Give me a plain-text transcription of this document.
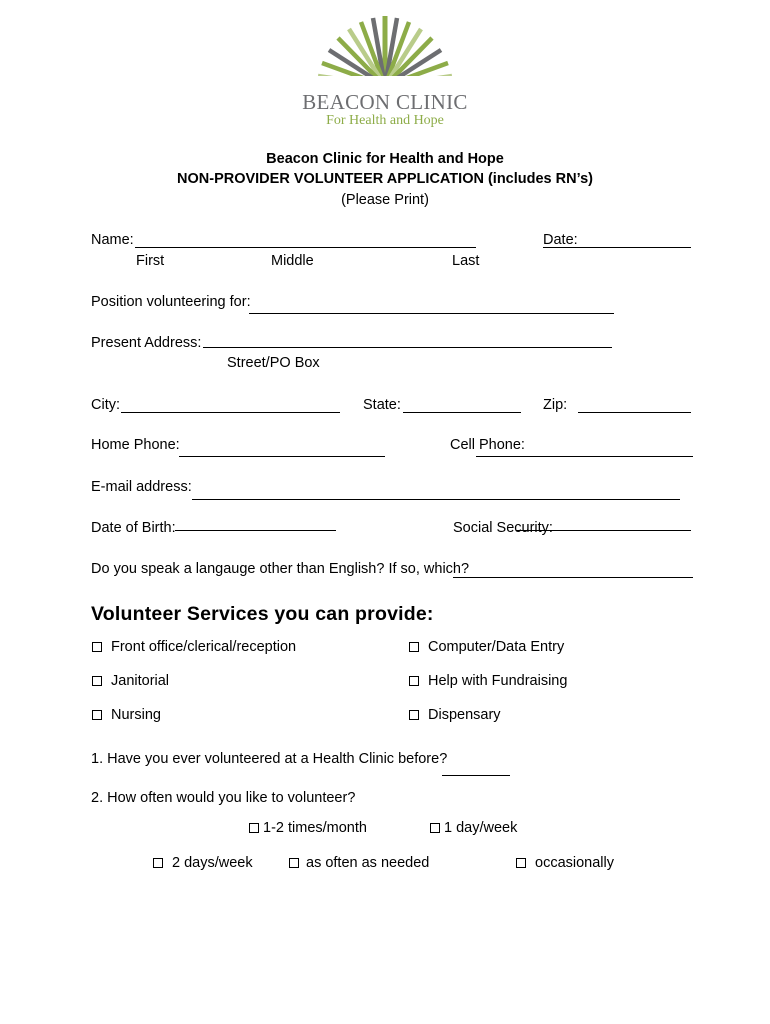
BEACON CLINIC
For Health and Hope
Beacon Clinic for Health and Hope
NON-PROVIDER VOLUNTEER APPLICATION (includes RN’s)
(Please Print)
Name:	Date:
First	Middle	Last
Position volunteering for:
Present Address:
Street/PO Box
City:	State:	Zip:
Home Phone:	Cell Phone:
E-mail address:
Date of Birth:	Social Security:
Do you speak a langauge other than English? If so, which?
Volunteer Services you can provide:
Front office/clerical/reception	Computer/Data Entry
Janitorial	Help with Fundraising
Nursing	Dispensary
1. Have you ever volunteered at a Health Clinic before?
2. How often would you like to volunteer?
1-2 times/month	1 day/week
2 days/week	as often as needed	occasionally
